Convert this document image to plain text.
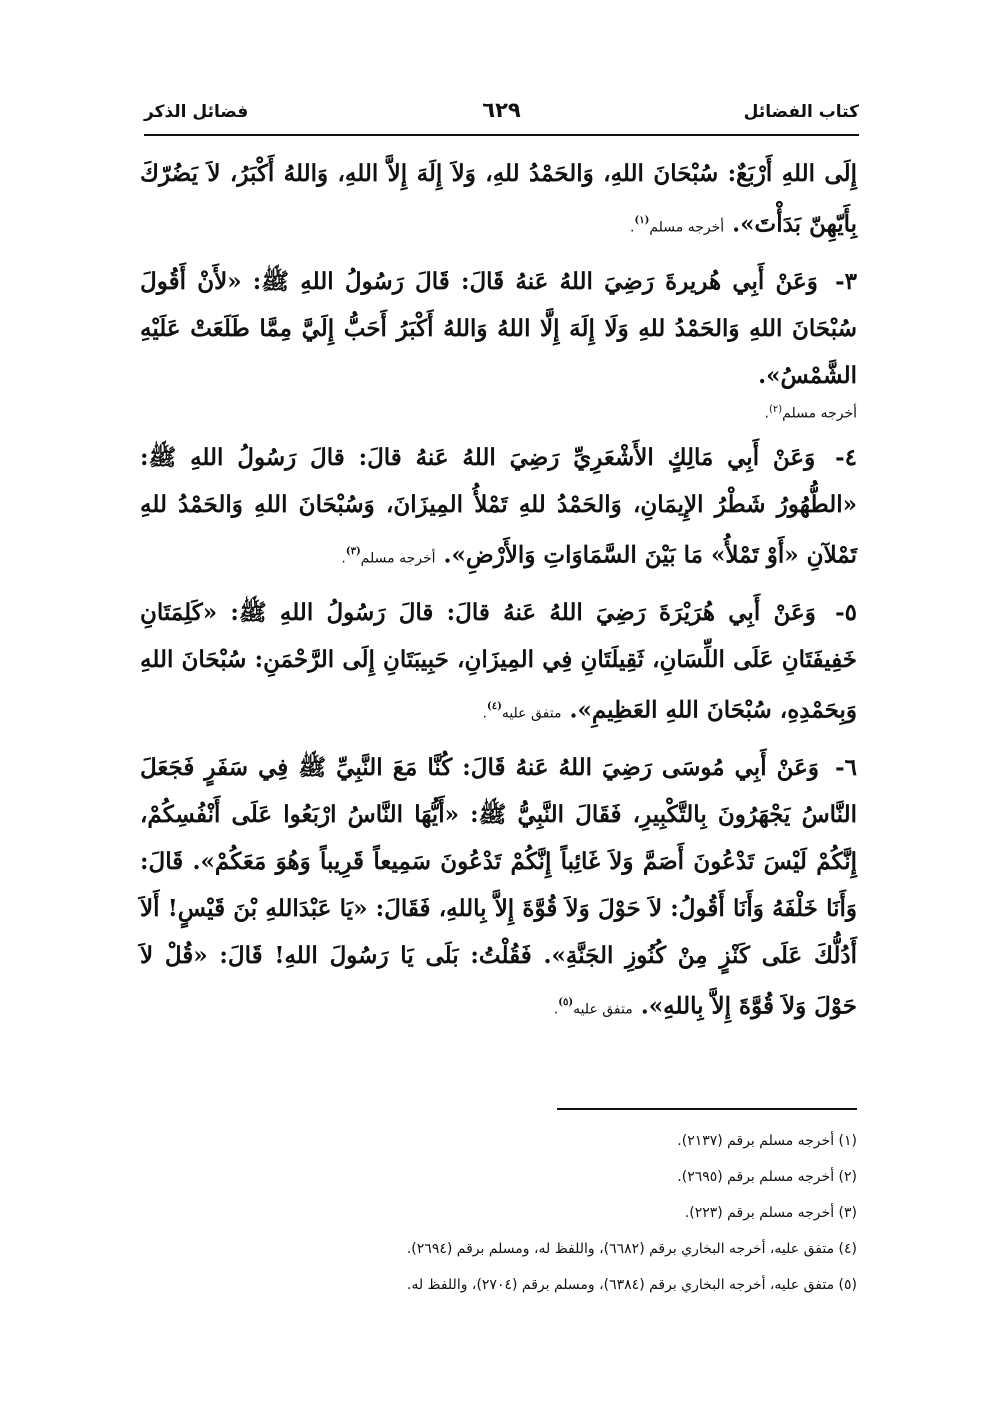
كتاب الفضائل
٦٢٩
فضائل الذكر

إِلَى اللهِ أَرْبَعٌ: سُبْحَانَ اللهِ، وَالحَمْدُ للهِ، وَلاَ إِلَهَ إِلاَّ اللهِ، وَاللهُ أَكْبَرُ، لاَ يَضُرّكَ بِأَيّهِنّ بَدَأْتَ». أخرجه مسلم$^{(١)}$.

٣- وَعَنْ أَبِي هُريرةَ رَضِيَ اللهُ عَنهُ قَالَ: قَالَ رَسُولُ اللهِ ﷺ: «لأَنْ أَقُولَ سُبْحَانَ اللهِ وَالحَمْدُ للهِ وَلَا إِلَهَ إِلَّا اللهُ وَاللهُ أَكْبَرُ أَحَبُّ إِلَيَّ مِمَّا طَلَعَتْ عَلَيْهِ الشَّمْسُ».

أخرجه مسلم$^{(٢)}$.

٤- وَعَنْ أَبِي مَالِكٍ الأَشْعَرِيِّ رَضِيَ اللهُ عَنهُ قالَ: قالَ رَسُولُ اللهِ ﷺ: «الطُّهُورُ شَطْرُ الإِيمَانِ، وَالحَمْدُ للهِ تَمْلأُ المِيزَانَ، وَسُبْحَانَ اللهِ وَالحَمْدُ للهِ تَمْلآنِ «أَوْ تَمْلأُ» مَا بَيْنَ السَّمَاوَاتِ وَالأَرْضِ». أخرجه مسلم$^{(٣)}$.

٥- وَعَنْ أَبِي هُرَيْرَةَ رَضِيَ اللهُ عَنهُ قالَ: قالَ رَسُولُ اللهِ ﷺ: «كَلِمَتَانِ خَفِيفَتَانِ عَلَى اللِّسَانِ، ثَقِيلَتَانِ فِي المِيزَانِ، حَبِيبَتَانِ إِلَى الرَّحْمَنِ: سُبْحَانَ اللهِ وَبِحَمْدِهِ، سُبْحَانَ اللهِ العَظِيمِ». متفق عليه$^{(٤)}$.

٦- وَعَنْ أَبِي مُوسَى رَضِيَ اللهُ عَنهُ قَالَ: كُنَّا مَعَ النَّبِيِّ ﷺ فِي سَفَرٍ فَجَعَلَ النَّاسُ يَجْهَرُونَ بِالتَّكْبِيرِ، فَقَالَ النَّبِيُّ ﷺ: «أَيُّهَا النَّاسُ ارْبَعُوا عَلَى أَنْفُسِكُمْ، إِنَّكُمْ لَيْسَ تَدْعُونَ أَصَمَّ وَلاَ غَائِباً إِنَّكُمْ تَدْعُونَ سَمِيعاً قَرِيباً وَهُوَ مَعَكُمْ». قَالَ: وَأَنَا خَلْفَهُ وَأَنَا أَقُولُ: لاَ حَوْلَ وَلاَ قُوَّةَ إِلاَّ بِاللهِ، فَقَالَ: «يَا عَبْدَاللهِ بْنَ قَيْسٍ! أَلاَ أَدُلُّكَ عَلَى كَنْزٍ مِنْ كُنُوزِ الجَنَّةِ». فَقُلْتُ: بَلَى يَا رَسُولَ اللهِ! قَالَ: «قُلْ لاَ حَوْلَ وَلاَ قُوَّةَ إِلاَّ بِاللهِ». متفق عليه$^{(٥)}$.

(١) أخرجه مسلم برقم (٢١٣٧).
(٢) أخرجه مسلم برقم (٢٦٩٥).
(٣) أخرجه مسلم برقم (٢٢٣).
(٤) متفق عليه، أخرجه البخاري برقم (٦٦٨٢)، واللفظ له، ومسلم برقم (٢٦٩٤).
(٥) متفق عليه، أخرجه البخاري برقم (٦٣٨٤)، ومسلم برقم (٢٧٠٤)، واللفظ له.
